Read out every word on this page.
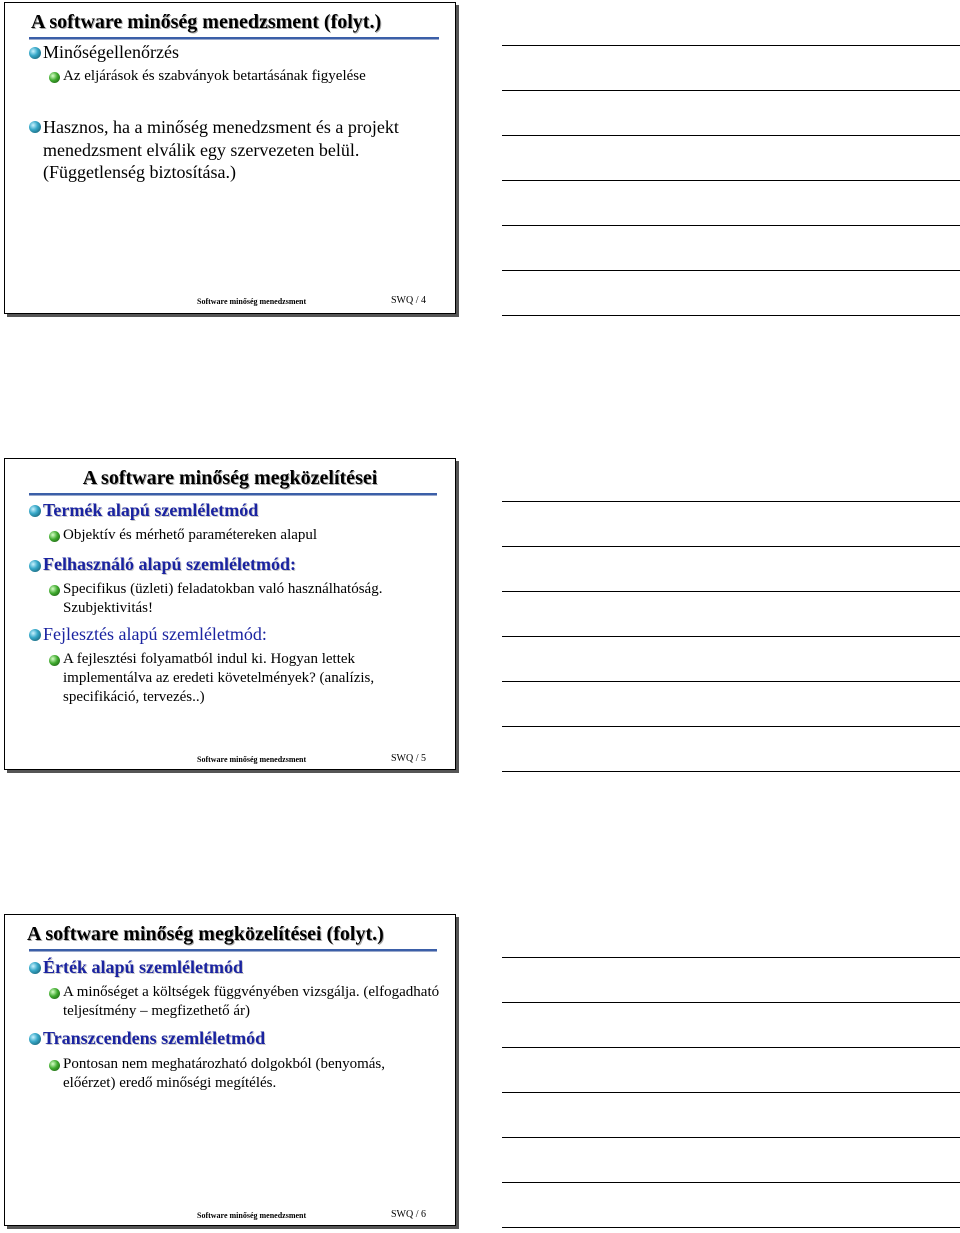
A software minőség menedzsment (folyt.)

Minőségellenőrzés

Az eljárások és szabványok betartásának figyelése

Hasznos, ha a minőség menedzsment és a projekt menedzsment elválik egy szervezeten belül. (Függetlenség biztosítása.)

Software minőség menedzsment	SWQ / 4
A software minőség megközelítései

Termék alapú szemléletmód

Objektív és mérhető paramétereken alapul

Felhasználó alapú szemléletmód:

Specifikus (üzleti) feladatokban való használhatóság. Szubjektivitás!

Fejlesztés alapú szemléletmód:

A fejlesztési folyamatból indul ki. Hogyan lettek implementálva az eredeti követelmények? (analízis, specifikáció, tervezés..)

Software minőség menedzsment	SWQ / 5
A software minőség megközelítései (folyt.)

Érték alapú szemléletmód

A minőséget a költségek függvényében vizsgálja. (elfogadható teljesítmény – megfizethető ár)

Transzcendens szemléletmód

Pontosan nem meghatározható dolgokból (benyomás, előérzet) eredő minőségi megítélés.

Software minőség menedzsment	SWQ / 6
